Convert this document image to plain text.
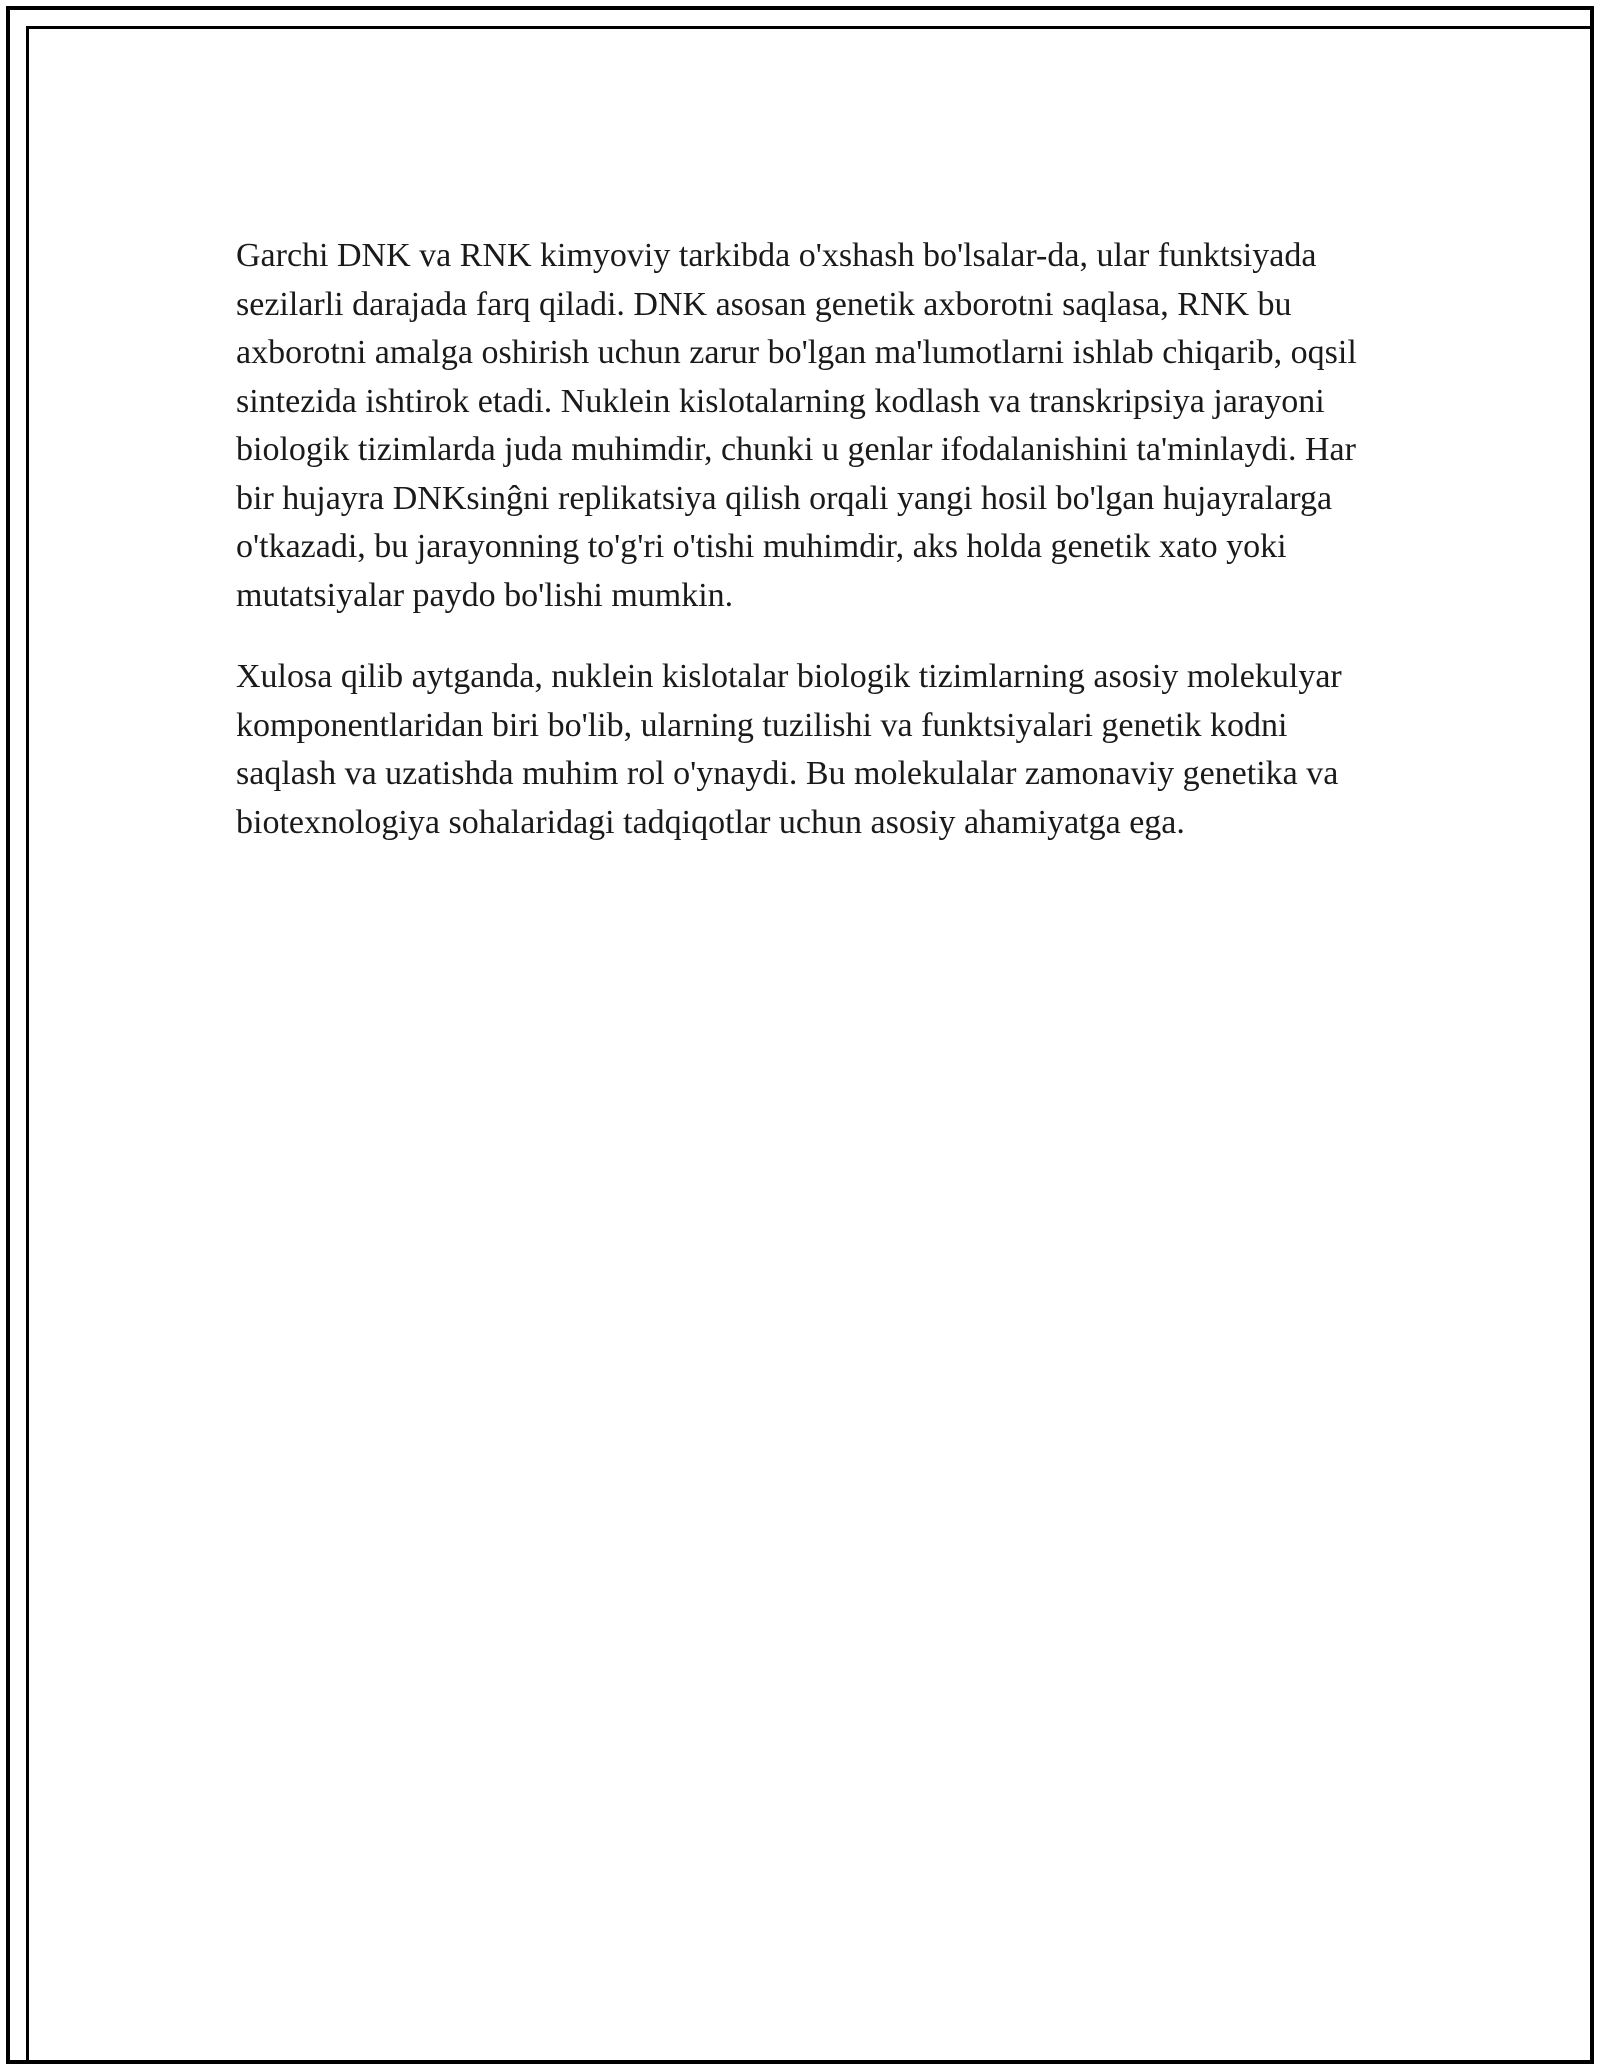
Garchi DNK va RNK kimyoviy tarkibda o'xshash bo'lsalar-da, ular funktsiyada sezilarli darajada farq qiladi. DNK asosan genetik axborotni saqlasa, RNK bu axborotni amalga oshirish uchun zarur bo'lgan ma'lumotlarni ishlab chiqarib, oqsil sintezida ishtirok etadi. Nuklein kislotalarning kodlash va transkripsiya jarayoni biologik tizimlarda juda muhimdir, chunki u genlar ifodalanishini ta'minlaydi. Har bir hujayra DNKsinĝni replikatsiya qilish orqali yangi hosil bo'lgan hujayralarga o'tkazadi, bu jarayonning to'g'ri o'tishi muhimdir, aks holda genetik xato yoki mutatsiyalar paydo bo'lishi mumkin.

Xulosa qilib aytganda, nuklein kislotalar biologik tizimlarning asosiy molekulyar komponentlaridan biri bo'lib, ularning tuzilishi va funktsiyalari genetik kodni saqlash va uzatishda muhim rol o'ynaydi. Bu molekulalar zamonaviy genetika va biotexnologiya sohalaridagi tadqiqotlar uchun asosiy ahamiyatga ega.
